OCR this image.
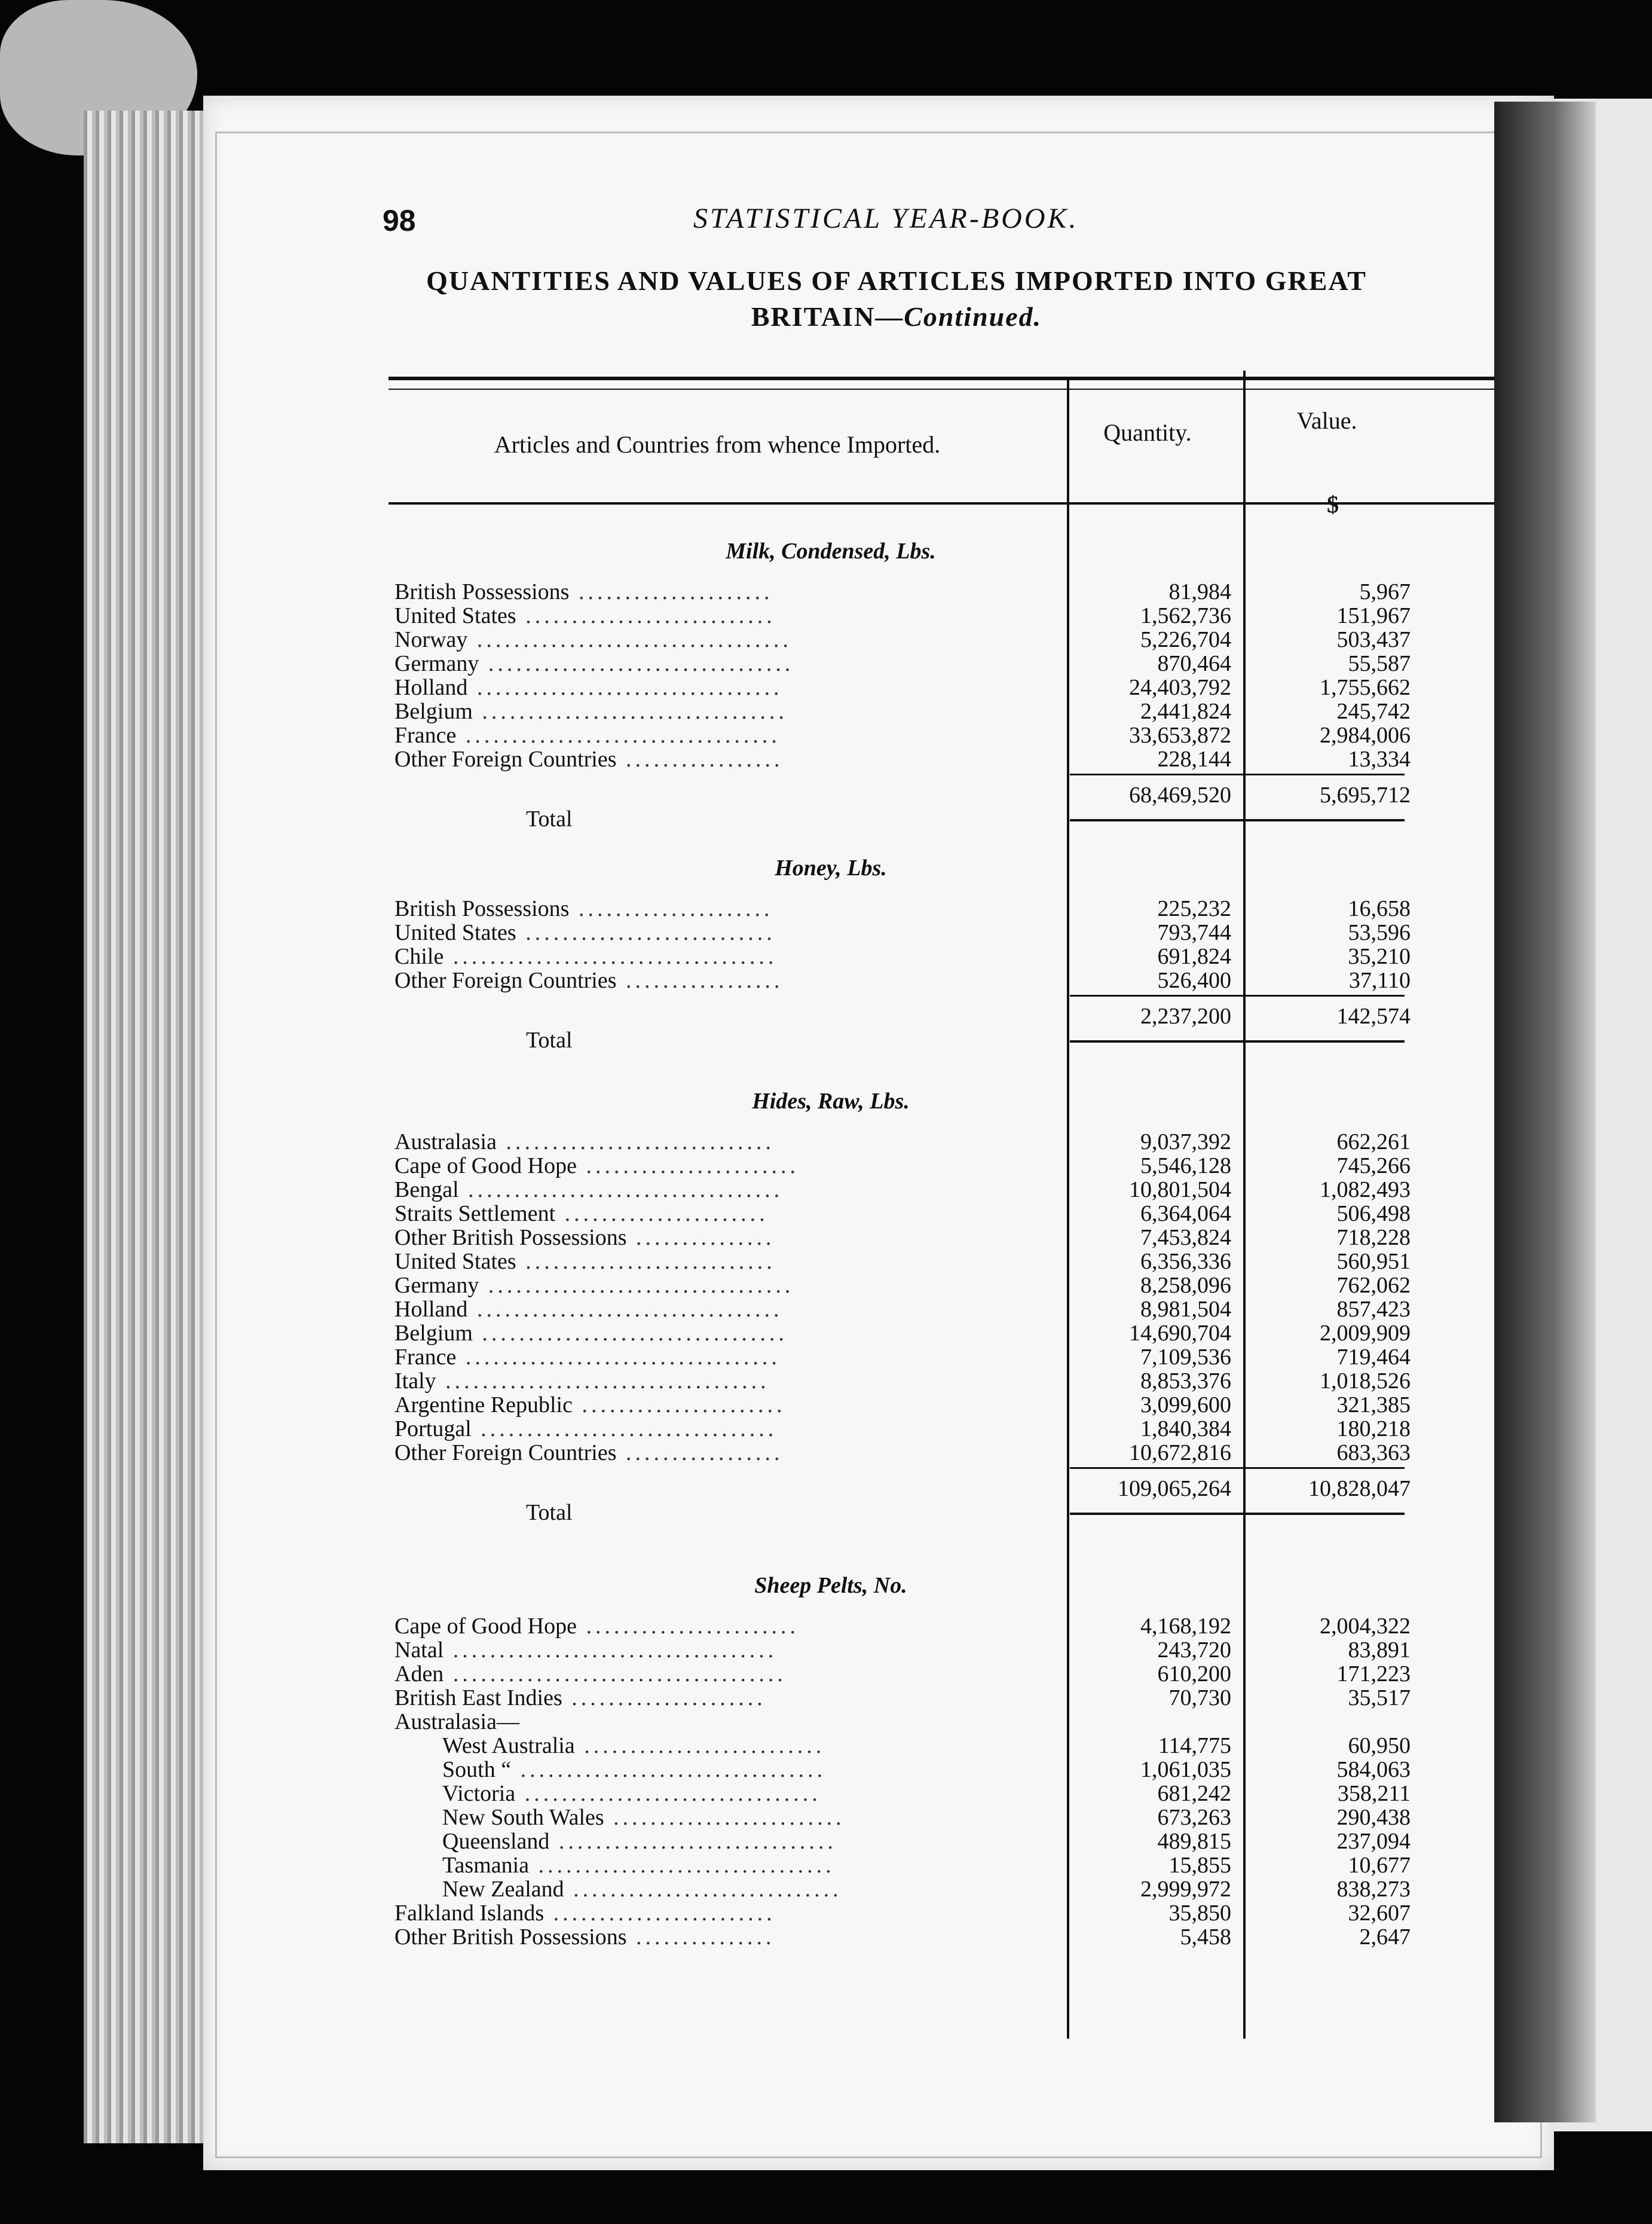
98	STATISTICAL YEAR-BOOK.
QUANTITIES AND VALUES OF ARTICLES IMPORTED INTO GREAT
BRITAIN—Continued.
Articles and Countries from whence Imported.	Quantity.	Value.
$
Milk, Condensed, Lbs.
British Possessions .....................	81,984	5,967
United States ...........................	1,562,736	151,967
Norway ..................................	5,226,704	503,437
Germany .................................	870,464	55,587
Holland .................................	24,403,792	1,755,662
Belgium .................................	2,441,824	245,742
France ..................................	33,653,872	2,984,006
Other Foreign Countries .................	228,144	13,334
68,469,520	5,695,712
Total
Honey, Lbs.
British Possessions .....................	225,232	16,658
United States ...........................	793,744	53,596
Chile ...................................	691,824	35,210
Other Foreign Countries .................	526,400	37,110
2,237,200	142,574
Total
Hides, Raw, Lbs.
Australasia .............................	9,037,392	662,261
Cape of Good Hope .......................	5,546,128	745,266
Bengal ..................................	10,801,504	1,082,493
Straits Settlement ......................	6,364,064	506,498
Other British Possessions ...............	7,453,824	718,228
United States ...........................	6,356,336	560,951
Germany .................................	8,258,096	762,062
Holland .................................	8,981,504	857,423
Belgium .................................	14,690,704	2,009,909
France ..................................	7,109,536	719,464
Italy ...................................	8,853,376	1,018,526
Argentine Republic ......................	3,099,600	321,385
Portugal ................................	1,840,384	180,218
Other Foreign Countries .................	10,672,816	683,363
109,065,264	10,828,047
Total
Sheep Pelts, No.
Cape of Good Hope .......................	4,168,192	2,004,322
Natal ...................................	243,720	83,891
Aden ....................................	610,200	171,223
British East Indies .....................	70,730	35,517
Australasia—
West Australia ..........................	114,775	60,950
South “ .................................	1,061,035	584,063
Victoria ................................	681,242	358,211
New South Wales .........................	673,263	290,438
Queensland ..............................	489,815	237,094
Tasmania ................................	15,855	10,677
New Zealand .............................	2,999,972	838,273
Falkland Islands ........................	35,850	32,607
Other British Possessions ...............	5,458	2,647
